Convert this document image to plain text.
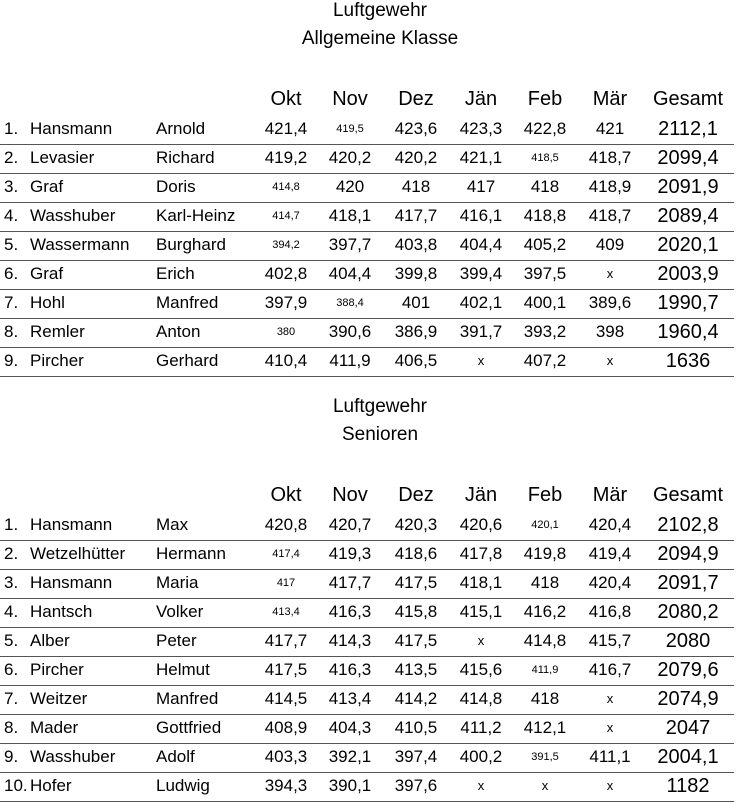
Luftgewehr
Allgemeine Klasse
Okt	Nov	Dez	Jän	Feb	Mär	Gesamt
1. Hansmann	Arnold	421,4	419,5	423,6	423,3	422,8	421	2112,1
2. Levasier	Richard	419,2	420,2	420,2	421,1	418,5	418,7	2099,4
3. Graf	Doris	414,8	420	418	417	418	418,9	2091,9
4. Wasshuber	Karl-Heinz	414,7	418,1	417,7	416,1	418,8	418,7	2089,4
5. Wassermann	Burghard	394,2	397,7	403,8	404,4	405,2	409	2020,1
6. Graf	Erich	402,8	404,4	399,8	399,4	397,5	x	2003,9
7. Hohl	Manfred	397,9	388,4	401	402,1	400,1	389,6	1990,7
8. Remler	Anton	380	390,6	386,9	391,7	393,2	398	1960,4
9. Pircher	Gerhard	410,4	411,9	406,5	x	407,2	x	1636
Luftgewehr
Senioren
Okt	Nov	Dez	Jän	Feb	Mär	Gesamt
1. Hansmann	Max	420,8	420,7	420,3	420,6	420,1	420,4	2102,8
2. Wetzelhütter	Hermann	417,4	419,3	418,6	417,8	419,8	419,4	2094,9
3. Hansmann	Maria	417	417,7	417,5	418,1	418	420,4	2091,7
4. Hantsch	Volker	413,4	416,3	415,8	415,1	416,2	416,8	2080,2
5. Alber	Peter	417,7	414,3	417,5	x	414,8	415,7	2080
6. Pircher	Helmut	417,5	416,3	413,5	415,6	411,9	416,7	2079,6
7. Weitzer	Manfred	414,5	413,4	414,2	414,8	418	x	2074,9
8. Mader	Gottfried	408,9	404,3	410,5	411,2	412,1	x	2047
9. Wasshuber	Adolf	403,3	392,1	397,4	400,2	391,5	411,1	2004,1
10. Hofer	Ludwig	394,3	390,1	397,6	x	x	x	1182
